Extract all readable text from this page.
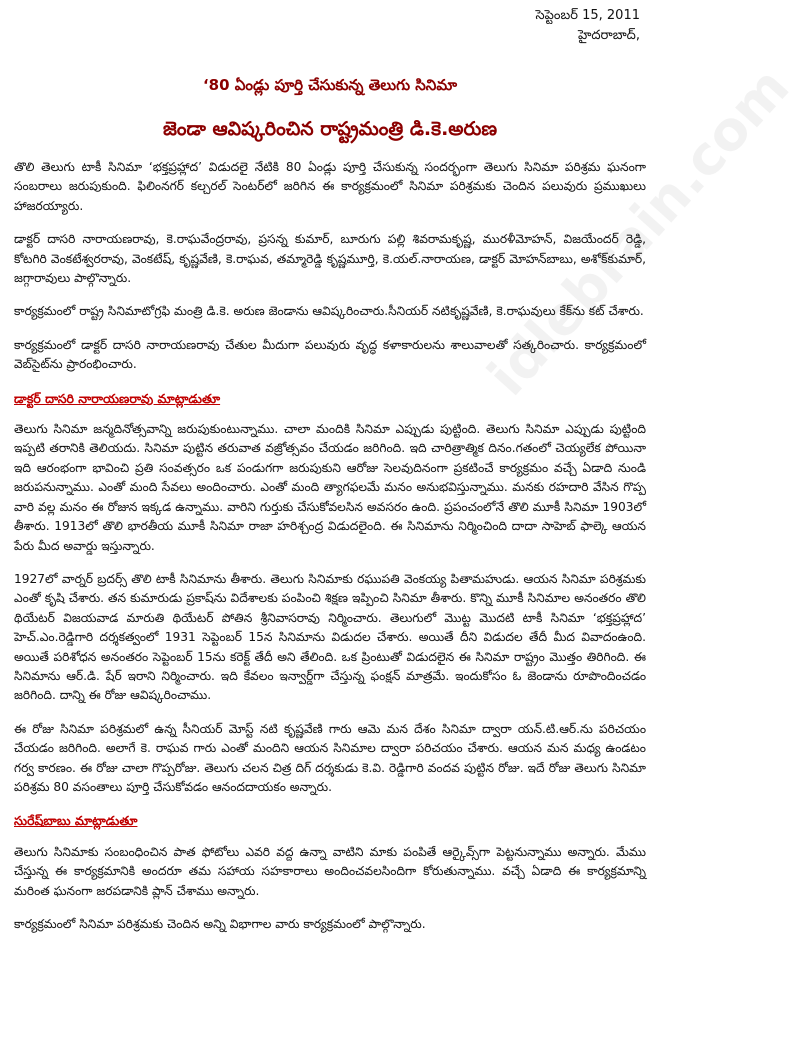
idlebrain.com
సెప్టెంబర్ 15, 2011
హైదరాబాద్,
‘80 ఏండ్లు పూర్తి చేసుకున్న తెలుగు సినిమా
జెండా ఆవిష్కరించిన రాష్ట్రమంత్రి డి.కె.అరుణ

తొలి తెలుగు టాకీ సినిమా ‘భక్తప్రహ్లాద’ విడుదలై నేటికి 80 ఏండ్లు పూర్తి చేసుకున్న సందర్భంగా తెలుగు సినిమా పరిశ్రమ ఘనంగా సంబరాలు జరుపుకుంది. ఫిలింనగర్ కల్చరల్ సెంటర్‌లో జరిగిన ఈ కార్యక్రమంలో సినిమా పరిశ్రమకు చెందిన పలువురు ప్రముఖులు హాజరయ్యారు.

డాక్టర్ దాసరి నారాయణరావు, కె.రాఘవేంద్రరావు, ప్రసన్న కుమార్, బూరుగు పల్లి శివరామకృష్ణ, మురళీమోహన్, విజయేందర్ రెడ్డి, కోటగిరి వెంకటేశ్వరరావు, వెంకటేష్, కృష్ణవేణి, కె.రాఘవ, తమ్మారెడ్డి కృష్ణమూర్తి, కె.యల్.నారాయణ, డాక్టర్ మోహన్‌బాబు, అశోక్‌కుమార్, జగ్గారావులు పాల్గొన్నారు.

కార్యక్రమంలో రాష్ట్ర సినిమాటోగ్రఫి మంత్రి డి.కె. అరుణ జెండాను ఆవిష్కరించారు.సీనియర్ నటికృష్ణవేణి, కె.రాఘవులు కేక్‌ను కట్ చేశారు.

కార్యక్రమంలో డాక్టర్ దాసరి నారాయణరావు చేతుల మీదుగా పలువురు వృద్ధ కళాకారులను శాలువాలతో సత్కరించారు. కార్యక్రమంలో వెబ్‌సైట్‌ను ప్రారంభించారు.

డాక్టర్ దాసరి నారాయణరావు మాట్లాడుతూ

తెలుగు సినిమా జన్మదినోత్సవాన్ని జరుపుకుంటున్నాము. చాలా మందికి సినిమా ఎప్పుడు పుట్టింది. తెలుగు సినిమా ఎప్పుడు పుట్టింది ఇప్పటి తరానికి తెలియదు. సినిమా పుట్టిన తరువాత వజ్రోత్సవం చేయడం జరిగింది. ఇది చారిత్రాత్మిక దినం.గతంలో చెయ్యలేక పోయినా ఇది ఆరంభంగా భావించి ప్రతి సంవత్సరం ఒక పండుగగా జరుపుకుని ఆరోజు సెలవుదినంగా ప్రకటించే కార్యక్రమం వచ్చే ఏడాది నుండి జరుపనున్నాము. ఎంతో మంది సేవలు అందించారు. ఎంతో మంది త్యాగఫలమే మనం అనుభవిస్తున్నాము. మనకు రహదారి వేసిన గొప్ప వారి వల్ల మనం ఈ రోజున ఇక్కడ ఉన్నాము. వారిని గుర్తుకు చేసుకోవలసిన అవసరం ఉంది. ప్రపంచంలోనే తొలి మూకీ సినిమా 1903లో తీశారు. 1913లో తొలి భారతీయ మూకీ సినిమా రాజా హరిశ్చంద్ర విడుదలైంది. ఈ సినిమాను నిర్మించింది దాదా సాహెబ్ ఫాల్కె ఆయన పేరు మీద అవార్డు ఇస్తున్నారు.

1927లో వార్నర్ బ్రదర్స్ తొలి టాకీ సినిమాను తీశారు. తెలుగు సినిమాకు రఘుపతి వెంకయ్య పితామహుడు. ఆయన సినిమా పరిశ్రమకు ఎంతో కృషి చేశారు. తన కుమారుడు ప్రకాష్‌ను విదేశాలకు పంపించి శిక్షణ ఇప్పించి సినిమా తీశారు. కొన్ని మూకీ సినిమాల అనంతరం తొలి థియేటర్ విజయవాడ మారుతి థియేటర్ పోతిన శ్రీనివాసరావు నిర్మించారు. తెలుగులో మొట్ట మొదటి టాకీ సినిమా ‘భక్తప్రహ్లాద’ హెచ్.ఎం.రెడ్డిగారి దర్శకత్వంలో 1931 సెప్టెంబర్ 15న సినిమాను విడుదల చేశారు. అయితే దీని విడుదల తేదీ మీద వివాదంఉంది. అయితే పరిశోధన అనంతరం సెప్టెంబర్ 15ను కరెక్ట్ తేదీ అని తేలింది. ఒక ప్రింటుతో విడుదలైన ఈ సినిమా రాష్ట్రం మొత్తం తిరిగింది. ఈ సినిమాను ఆర్.డి. షేర్ ఇరాని నిర్మించారు. ఇది కేవలం ఇన్వార్డ్‌గా చేస్తున్న ఫంక్షన్ మాత్రమే. ఇందుకోసం ఓ జెండాను రూపొందించడం జరిగింది. దాన్ని ఈ రోజు ఆవిష్కరించాము.

ఈ రోజు సినిమా పరిశ్రమలో ఉన్న సీనియర్ మోస్ట్ నటి కృష్ణవేణి గారు ఆమె మన దేశం సినిమా ద్వారా యన్.టి.ఆర్.ను పరిచయం చేయడం జరిగింది. అలాగే కె. రాఘవ గారు ఎంతో మందిని ఆయన సినిమాల ద్వారా పరిచయం చేశారు. ఆయన మన మధ్య ఉండటం గర్వ కారణం. ఈ రోజు చాలా గొప్పరోజు. తెలుగు చలన చిత్ర దిగ్ దర్శకుడు కె.వి. రెడ్డిగారి వందవ పుట్టిన రోజు. ఇదే రోజు తెలుగు సినిమా పరిశ్రమ 80 వసంతాలు పూర్తి చేసుకోవడం ఆనందదాయకం అన్నారు.

సురేష్‌బాబు మాట్లాడుతూ

తెలుగు సినిమాకు సంబంధించిన పాత ఫోటోలు ఎవరి వద్ద ఉన్నా వాటిని మాకు పంపితే ఆర్కైవ్స్‌గా పెట్టనున్నాము అన్నారు. మేము చేస్తున్న ఈ కార్యక్రమానికి అందరూ తమ సహాయ సహకారాలు అందించవలసిందిగా కోరుతున్నాము. వచ్చే ఏడాది ఈ కార్యక్రమాన్ని మరింత ఘనంగా జరపడానికి ప్లాన్ చేశాము అన్నారు.

కార్యక్రమంలో సినిమా పరిశ్రమకు చెందిన అన్ని విభాగాల వారు కార్యక్రమంలో పాల్గొన్నారు.
